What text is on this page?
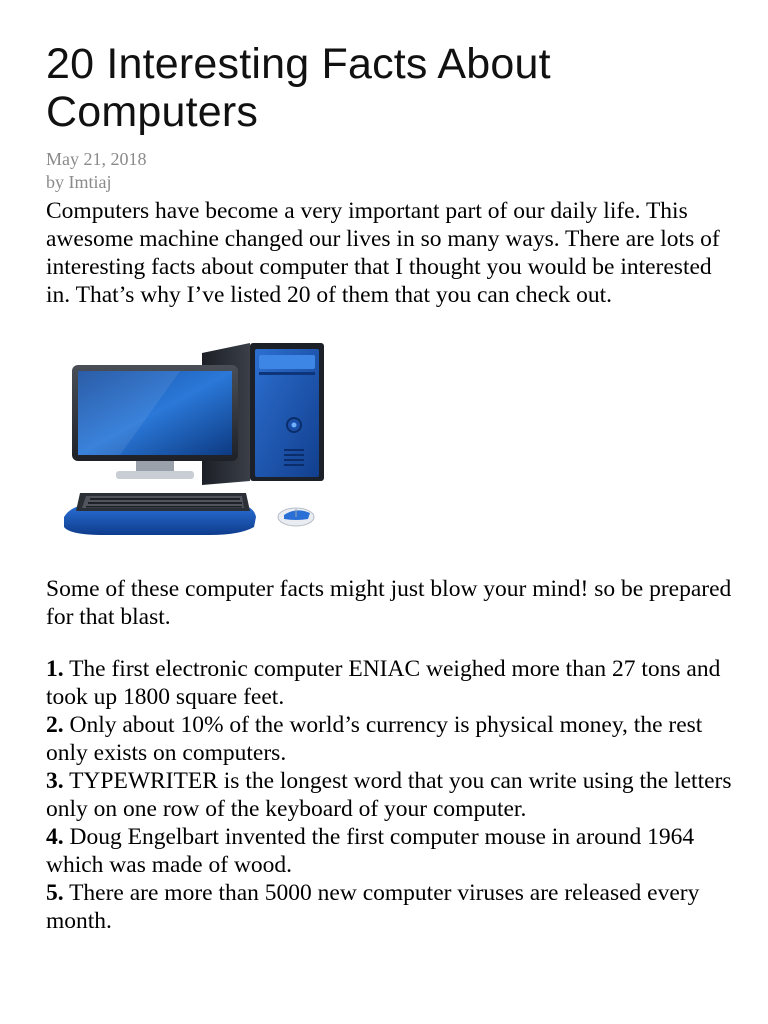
20 Interesting Facts About Computers
May 21, 2018
by Imtiaj
Computers have become a very important part of our daily life. This awesome machine changed our lives in so many ways. There are lots of interesting facts about computer that I thought you would be interested in. That’s why I’ve listed 20 of them that you can check out.
Some of these computer facts might just blow your mind! so be prepared for that blast.
1. The first electronic computer ENIAC weighed more than 27 tons and took up 1800 square feet.
2. Only about 10% of the world’s currency is physical money, the rest only exists on computers.
3. TYPEWRITER is the longest word that you can write using the letters only on one row of the keyboard of your computer.
4. Doug Engelbart invented the first computer mouse in around 1964 which was made of wood.
5. There are more than 5000 new computer viruses are released every month.
